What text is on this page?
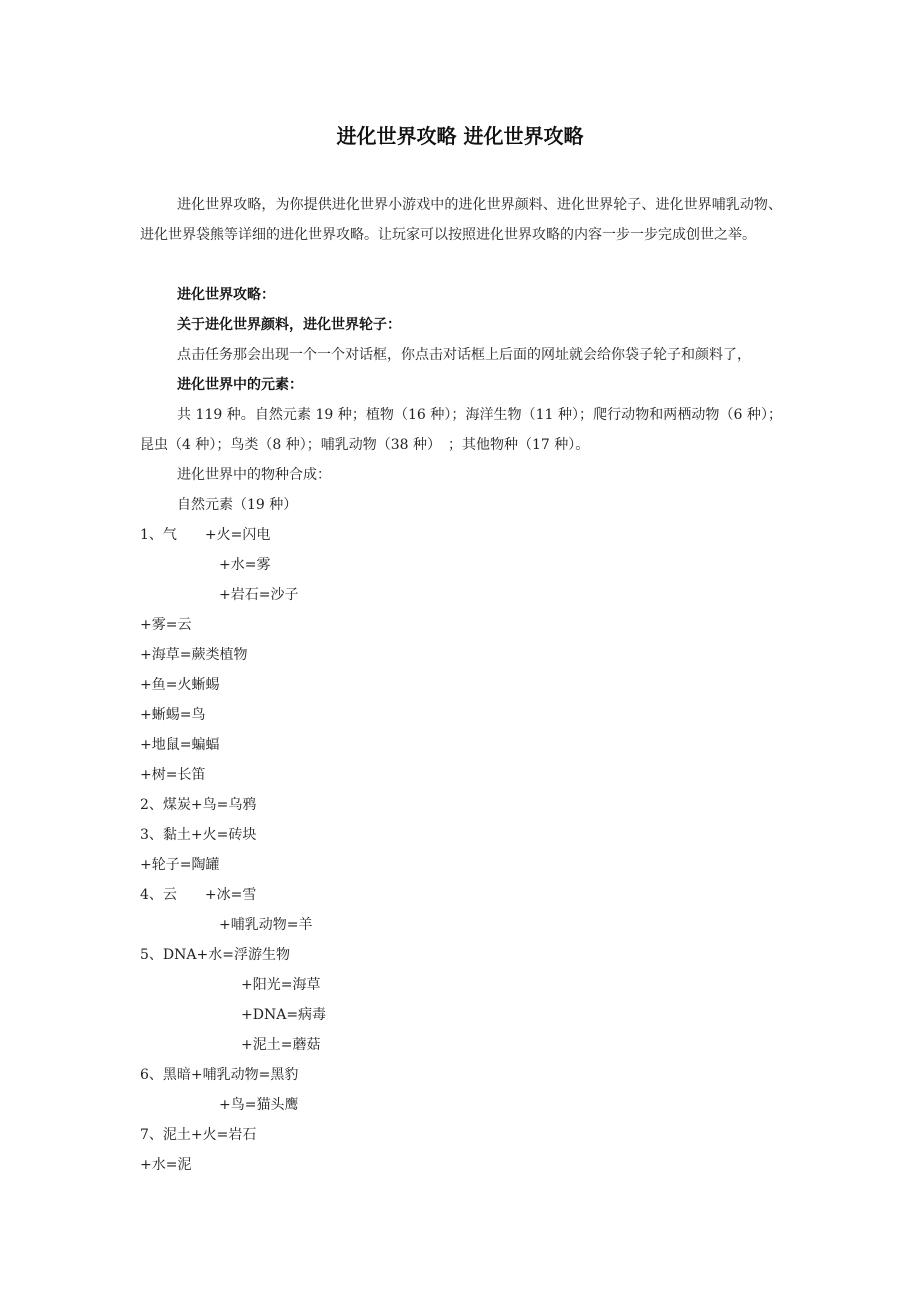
进化世界攻略 进化世界攻略

进化世界攻略，为你提供进化世界小游戏中的进化世界颜料、进化世界轮子、进化世界哺乳动物、进化世界袋熊等详细的进化世界攻略。让玩家可以按照进化世界攻略的内容一步一步完成创世之举。

进化世界攻略：

关于进化世界颜料，进化世界轮子：

点击任务那会出现一个一个对话框，你点击对话框上后面的网址就会给你袋子轮子和颜料了，

进化世界中的元素：

共 119 种。自然元素 19 种；植物（16 种）；海洋生物（11 种）；爬行动物和两栖动物（6 种）；昆虫（4 种）；鸟类（8 种）；哺乳动物（38 种）　；其他物种（17 种）。

进化世界中的物种合成：

自然元素（19 种）

1、气　　+火=闪电

+水=雾

+岩石=沙子

+雾=云

+海草=蕨类植物

+鱼=火蜥蜴

+蜥蜴=鸟

+地鼠=蝙蝠

+树=长笛

2、煤炭+鸟=乌鸦

3、黏土+火=砖块

+轮子=陶罐

4、云　　+冰=雪

+哺乳动物=羊

5、DNA+水=浮游生物

+阳光=海草

+DNA=病毒

+泥土=蘑菇

6、黑暗+哺乳动物=黑豹

+鸟=猫头鹰

7、泥土+火=岩石

+水=泥
